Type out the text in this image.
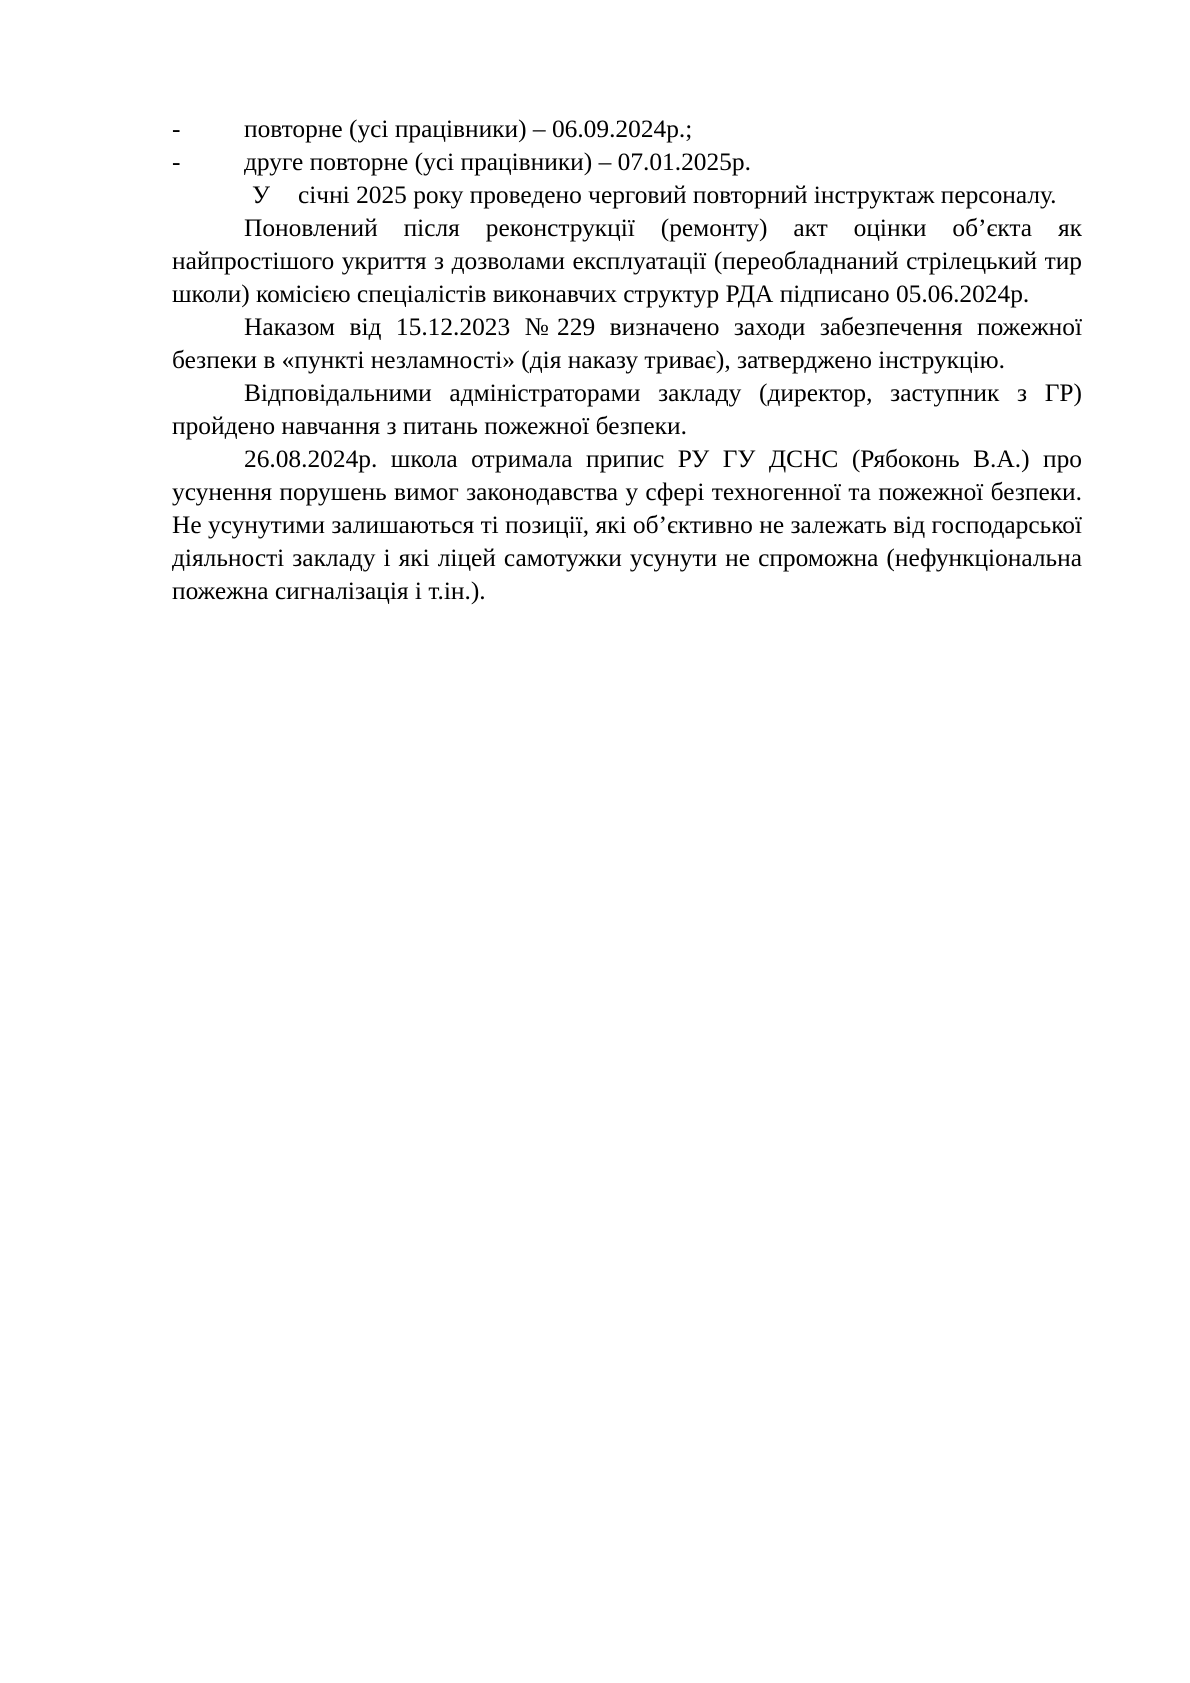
-	повторне (усі працівники) – 06.09.2024р.;

-	друге повторне (усі працівники) – 07.01.2025р.

У січні 2025 року проведено черговий повторний інструктаж персоналу.

Поновлений після реконструкції (ремонту) акт оцінки об’єкта як найпростішого укриття з дозволами експлуатації (переобладнаний стрілецький тир школи) комісією спеціалістів виконавчих структур РДА підписано 05.06.2024р.

Наказом від 15.12.2023 №229 визначено заходи забезпечення пожежної безпеки в «пункті незламності» (дія наказу триває), затверджено інструкцію.

Відповідальними адміністраторами закладу (директор, заступник з ГР) пройдено навчання з питань пожежної безпеки.

26.08.2024р. школа отримала припис РУ ГУ ДСНС (Рябоконь В.А.) про усунення порушень вимог законодавства у сфері техногенної та пожежної безпеки. Не усунутими залишаються ті позиції, які об’єктивно не залежать від господарської діяльності закладу і які ліцей самотужки усунути не спроможна (нефункціональна пожежна сигналізація і т.ін.).
